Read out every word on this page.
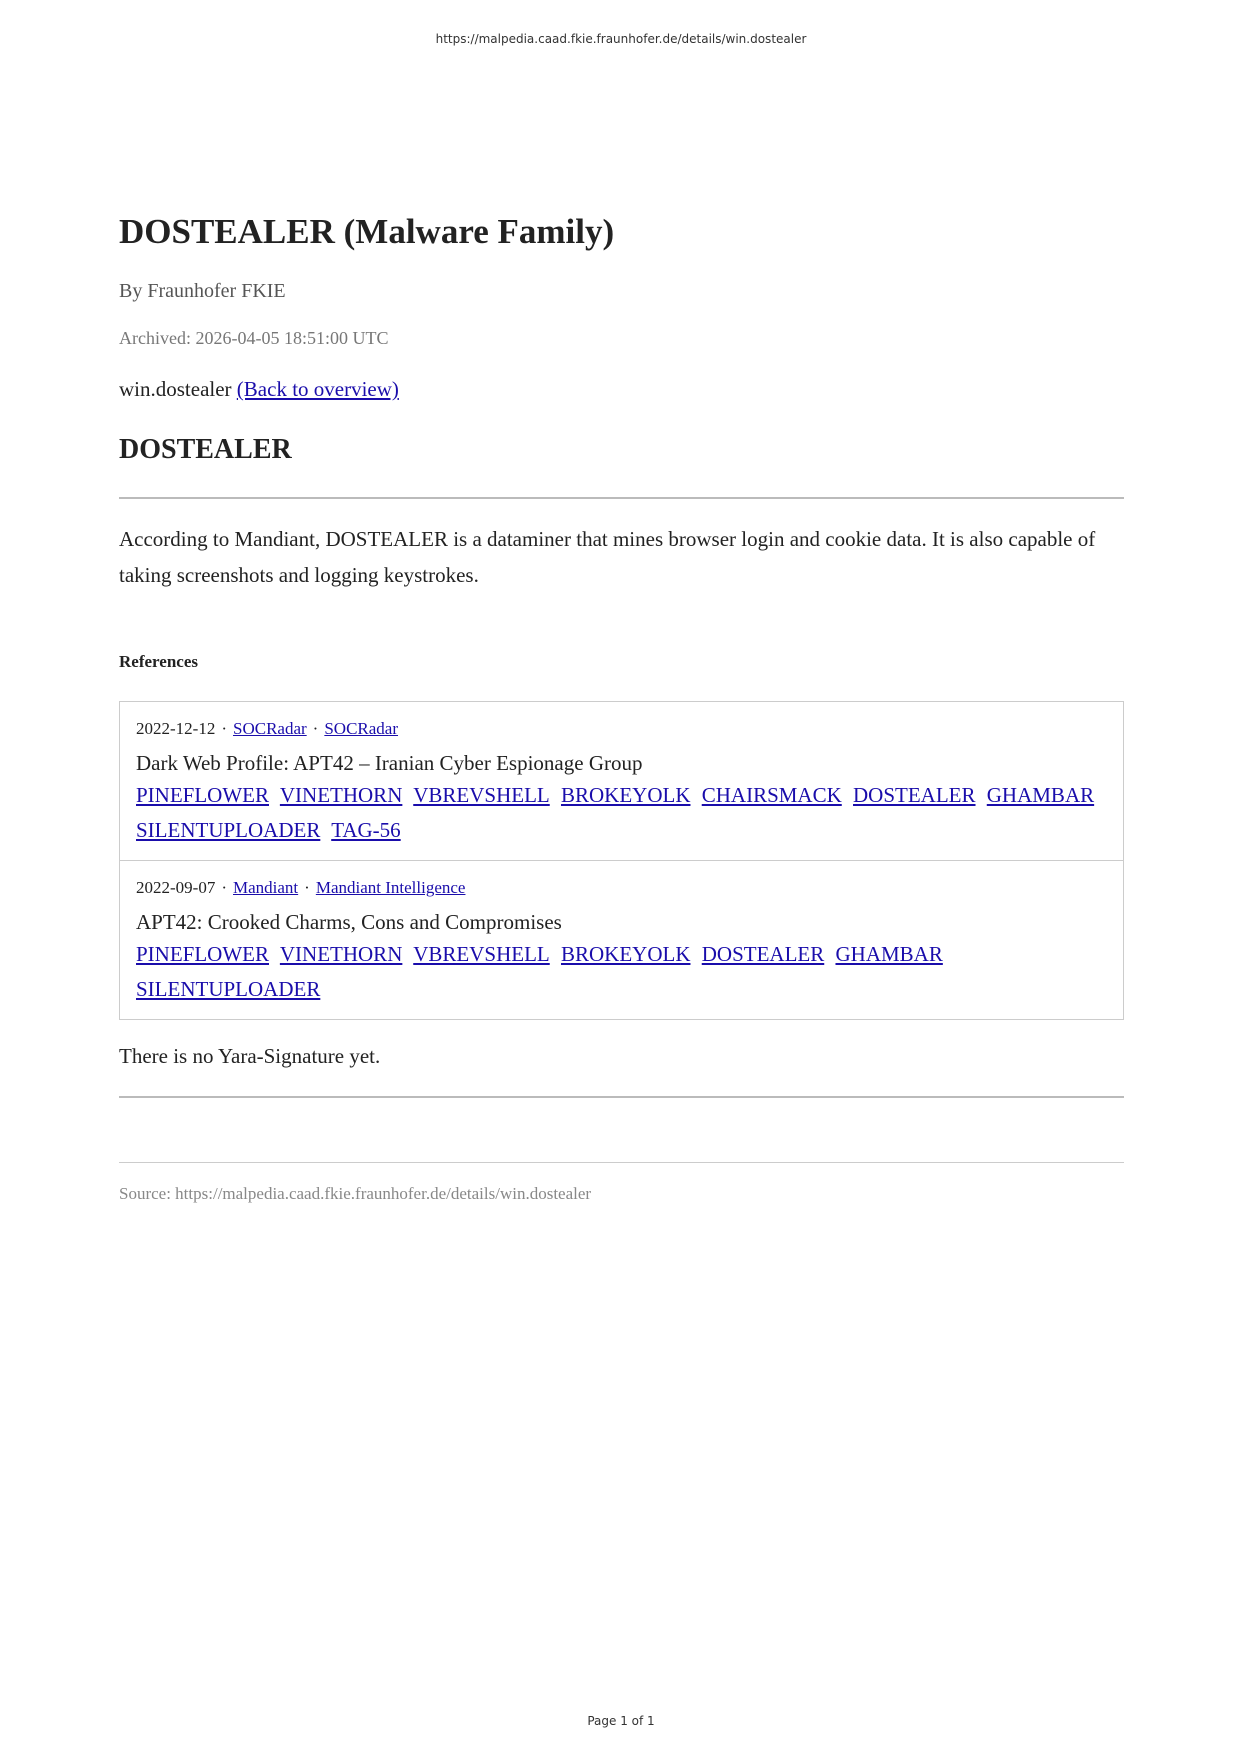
https://malpedia.caad.fkie.fraunhofer.de/details/win.dostealer
DOSTEALER (Malware Family)
By Fraunhofer FKIE
Archived: 2026-04-05 18:51:00 UTC
win.dostealer (Back to overview)
DOSTEALER
According to Mandiant, DOSTEALER is a dataminer that mines browser login and cookie data. It is also capable of taking screenshots and logging keystrokes.
References
2022-12-12 · SOCRadar · SOCRadar
Dark Web Profile: APT42 – Iranian Cyber Espionage Group
PINEFLOWER VINETHORN VBREVSHELL BROKEYOLK CHAIRSMACK DOSTEALER GHAMBAR
SILENTUPLOADER TAG-56
2022-09-07 · Mandiant · Mandiant Intelligence
APT42: Crooked Charms, Cons and Compromises
PINEFLOWER VINETHORN VBREVSHELL BROKEYOLK DOSTEALER GHAMBAR
SILENTUPLOADER
There is no Yara-Signature yet.
Source: https://malpedia.caad.fkie.fraunhofer.de/details/win.dostealer
Page 1 of 1
